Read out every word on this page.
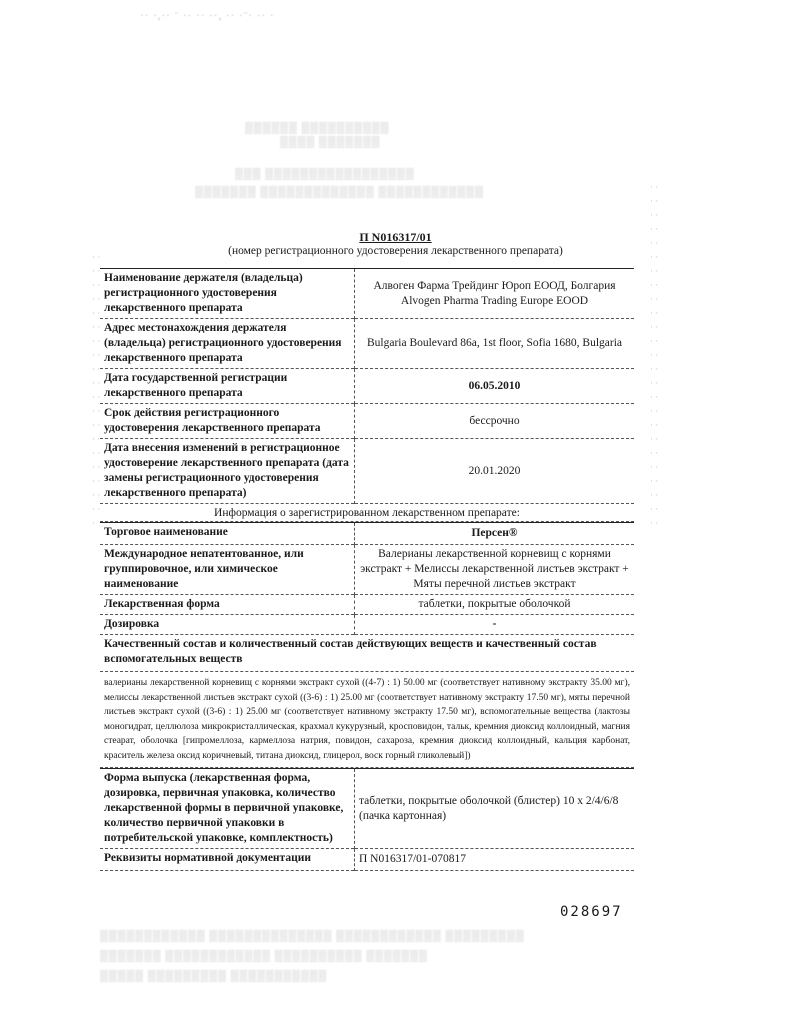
·· ·,·· ¨ ·· ·· ··, ·· ·¨· ·· ·
▒▒▒▒▒▒ ▒▒▒▒▒▒▒▒▒▒
▒▒▒▒ ▒▒▒▒▒▒▒
▒▒▒ ▒▒▒▒▒▒▒▒▒▒▒▒▒▒▒▒▒
▒▒▒▒▒▒▒ ▒▒▒▒▒▒▒▒▒▒▒▒▒ ▒▒▒▒▒▒▒▒▒▒▒▒	· · · · · · · · · · · · · · · · · · · · · · · · · · · · · · · · · · · · · · · · · · · · · · · · · ·
· · · · · · · · · · · · · · · · · · · · · · · · · · · · · · · · · · · · · · ·
П N016317/01
(номер регистрационного удостоверения лекарственного препарата)
Наименование держателя (владельца) регистрационного удостоверения лекарственного препарата	Алвоген Фарма Трейдинг Юроп ЕООД, Болгария Alvogen Pharma Trading Europe EOOD
Адрес местонахождения держателя (владельца) регистрационного удостоверения лекарственного препарата	Bulgaria Boulevard 86a, 1st floor, Sofia 1680, Bulgaria
Дата государственной регистрации лекарственного препарата	06.05.2010
Срок действия регистрационного удостоверения лекарственного препарата	бессрочно
Дата внесения изменений в регистрационное удостоверение лекарственного препарата (дата замены регистрационного удостоверения лекарственного препарата)	20.01.2020
Информация о зарегистрированном лекарственном препарате:
Торговое наименование	Персен®
Международное непатентованное, или группировочное, или химическое наименование	Валерианы лекарственной корневищ с корнями экстракт + Мелиссы лекарственной листьев экстракт + Мяты перечной листьев экстракт
Лекарственная форма	таблетки, покрытые оболочкой
Дозировка	-
Качественный состав и количественный состав действующих веществ и качественный состав вспомогательных веществ
валерианы лекарственной корневищ с корнями экстракт сухой ((4-7) : 1) 50.00 мг (соответствует нативному экстракту 35.00 мг), мелиссы лекарственной листьев экстракт сухой ((3-6) : 1) 25.00 мг (соответствует нативному экстракту 17.50 мг), мяты перечной листьев экстракт сухой ((3-6) : 1) 25.00 мг (соответствует нативному экстракту 17.50 мг), вспомогательные вещества (лактозы моногидрат, целлюлоза микрокристаллическая, крахмал кукурузный, кросповидон, тальк, кремния диоксид коллоидный, магния стеарат, оболочка [гипромеллоза, кармеллоза натрия, повидон, сахароза, кремния диоксид коллоидный, кальция карбонат, краситель железа оксид коричневый, титана диоксид, глицерол, воск горный гликолевый])
Форма выпуска (лекарственная форма, дозировка, первичная упаковка, количество лекарственной формы в первичной упаковке, количество первичной упаковки в потребительской упаковке, комплектность)	таблетки, покрытые оболочкой (блистер) 10 х 2/4/6/8 (пачка картонная)
Реквизиты нормативной документации	П N016317/01-070817
028697
▒▒▒▒▒▒▒▒▒▒▒▒ ▒▒▒▒▒▒▒▒▒▒▒▒▒▒ ▒▒▒▒▒▒▒▒▒▒▒▒ ▒▒▒▒▒▒▒▒▒
▒▒▒▒▒▒▒ ▒▒▒▒▒▒▒▒▒▒▒▒ ▒▒▒▒▒▒▒▒▒▒ ▒▒▒▒▒▒▒
▒▒▒▒▒ ▒▒▒▒▒▒▒▒▒ ▒▒▒▒▒▒▒▒▒▒▒
